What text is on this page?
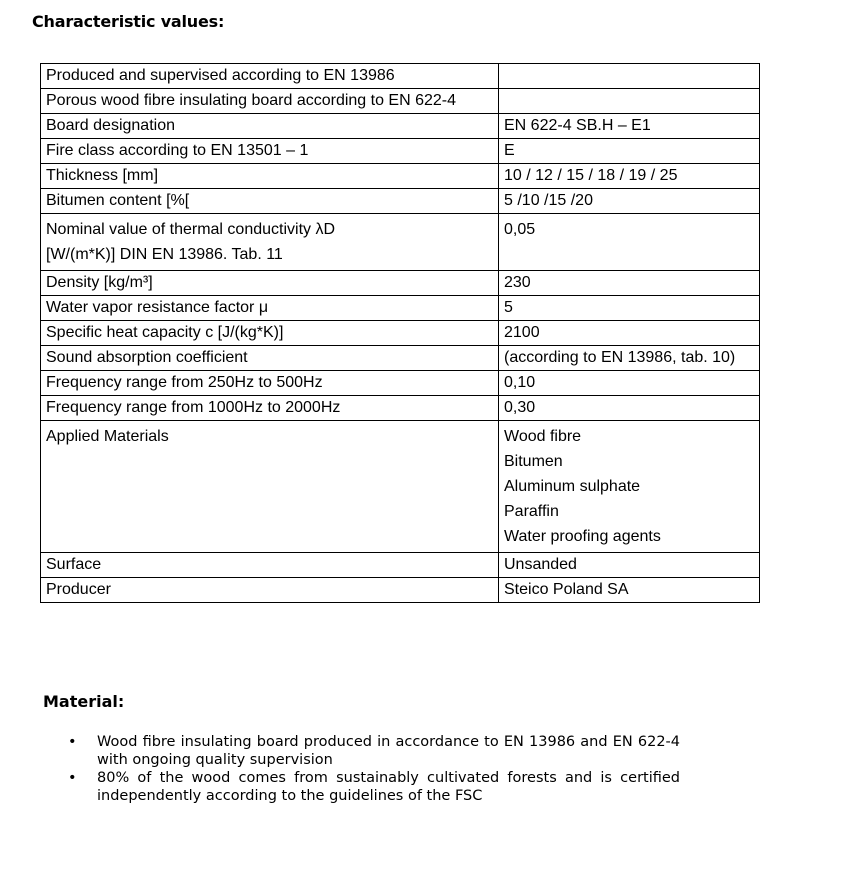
Characteristic values:
Produced and supervised according to EN 13986	

Porous wood fibre insulating board according to EN 622-4	

Board designation	EN 622-4 SB.H – E1

Fire class according to EN 13501 – 1	E

Thickness [mm]	10 / 12 / 15 / 18 / 19 / 25

Bitumen content [%[	5 /10 /15 /20

Nominal value of thermal conductivity λD
[W/(m*K)] DIN EN 13986. Tab. 11	0,05

Density [kg/m³]	230

Water vapor resistance factor μ	5

Specific heat capacity c [J/(kg*K)]	2100

Sound absorption coefficient	(according to EN 13986, tab. 10)

Frequency range from 250Hz to 500Hz	0,10

Frequency range from 1000Hz to 2000Hz	0,30

Applied Materials	Wood fibre
Bitumen
Aluminum sulphate
Paraffin
Water proofing agents

Surface	Unsanded

Producer	Steico Poland SA
Material:
• Wood fibre insulating board produced in accordance to EN 13986 and EN 622-4 with ongoing quality supervision
• 80% of the wood comes from sustainably cultivated forests and is certified independently according to the guidelines of the FSC
